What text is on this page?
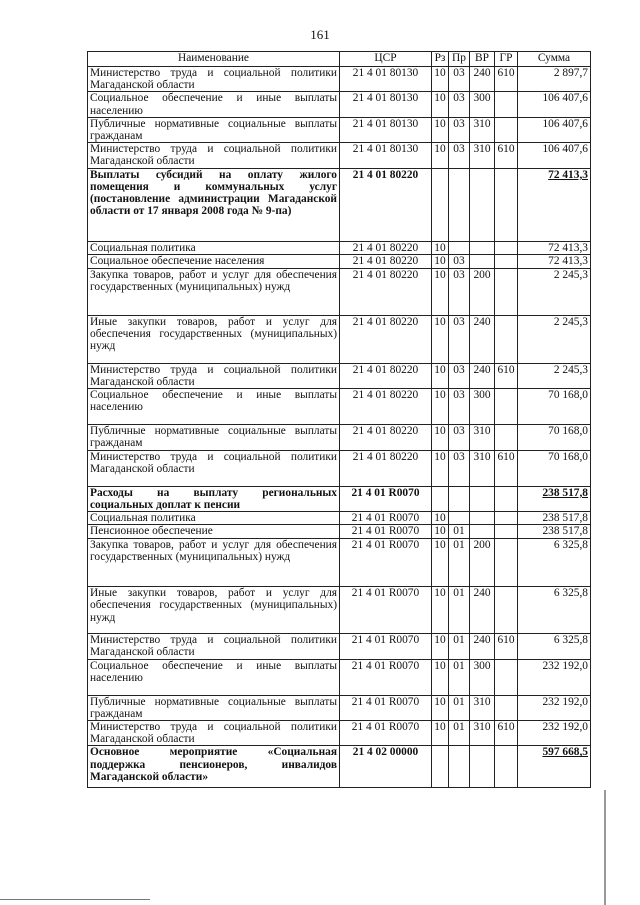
161
Наименование	ЦСР	Рз	Пр	ВР	ГР	Сумма
Министерство труда и социальной политики Магаданской области	21 4 01 80130	10	03	240	610	2 897,7
Социальное обеспечение и иные выплаты населению	21 4 01 80130	10	03	300		106 407,6
Публичные нормативные социальные выплаты гражданам	21 4 01 80130	10	03	310		106 407,6
Министерство труда и социальной политики Магаданской области	21 4 01 80130	10	03	310	610	106 407,6
Выплаты субсидий на оплату жилого помещения и коммунальных услуг (постановление администрации Магаданской области от 17 января 2008 года № 9-па)	21 4 01 80220					72 413,3
Социальная политика	21 4 01 80220	10				72 413,3
Социальное обеспечение населения	21 4 01 80220	10	03			72 413,3
Закупка товаров, работ и услуг для обеспечения государственных (муниципальных) нужд	21 4 01 80220	10	03	200		2 245,3
Иные закупки товаров, работ и услуг для обеспечения государственных (муниципальных) нужд	21 4 01 80220	10	03	240		2 245,3
Министерство труда и социальной политики Магаданской области	21 4 01 80220	10	03	240	610	2 245,3
Социальное обеспечение и иные выплаты населению	21 4 01 80220	10	03	300		70 168,0
Публичные нормативные социальные выплаты гражданам	21 4 01 80220	10	03	310		70 168,0
Министерство труда и социальной политики Магаданской области	21 4 01 80220	10	03	310	610	70 168,0
Расходы на выплату региональных социальных доплат к пенсии	21 4 01 R0070					238 517,8
Социальная политика	21 4 01 R0070	10				238 517,8
Пенсионное обеспечение	21 4 01 R0070	10	01			238 517,8
Закупка товаров, работ и услуг для обеспечения государственных (муниципальных) нужд	21 4 01 R0070	10	01	200		6 325,8
Иные закупки товаров, работ и услуг для обеспечения государственных (муниципальных) нужд	21 4 01 R0070	10	01	240		6 325,8
Министерство труда и социальной политики Магаданской области	21 4 01 R0070	10	01	240	610	6 325,8
Социальное обеспечение и иные выплаты населению	21 4 01 R0070	10	01	300		232 192,0
Публичные нормативные социальные выплаты гражданам	21 4 01 R0070	10	01	310		232 192,0
Министерство труда и социальной политики Магаданской области	21 4 01 R0070	10	01	310	610	232 192,0
Основное мероприятие «Социальная поддержка пенсионеров, инвалидов Магаданской области»	21 4 02 00000					597 668,5
